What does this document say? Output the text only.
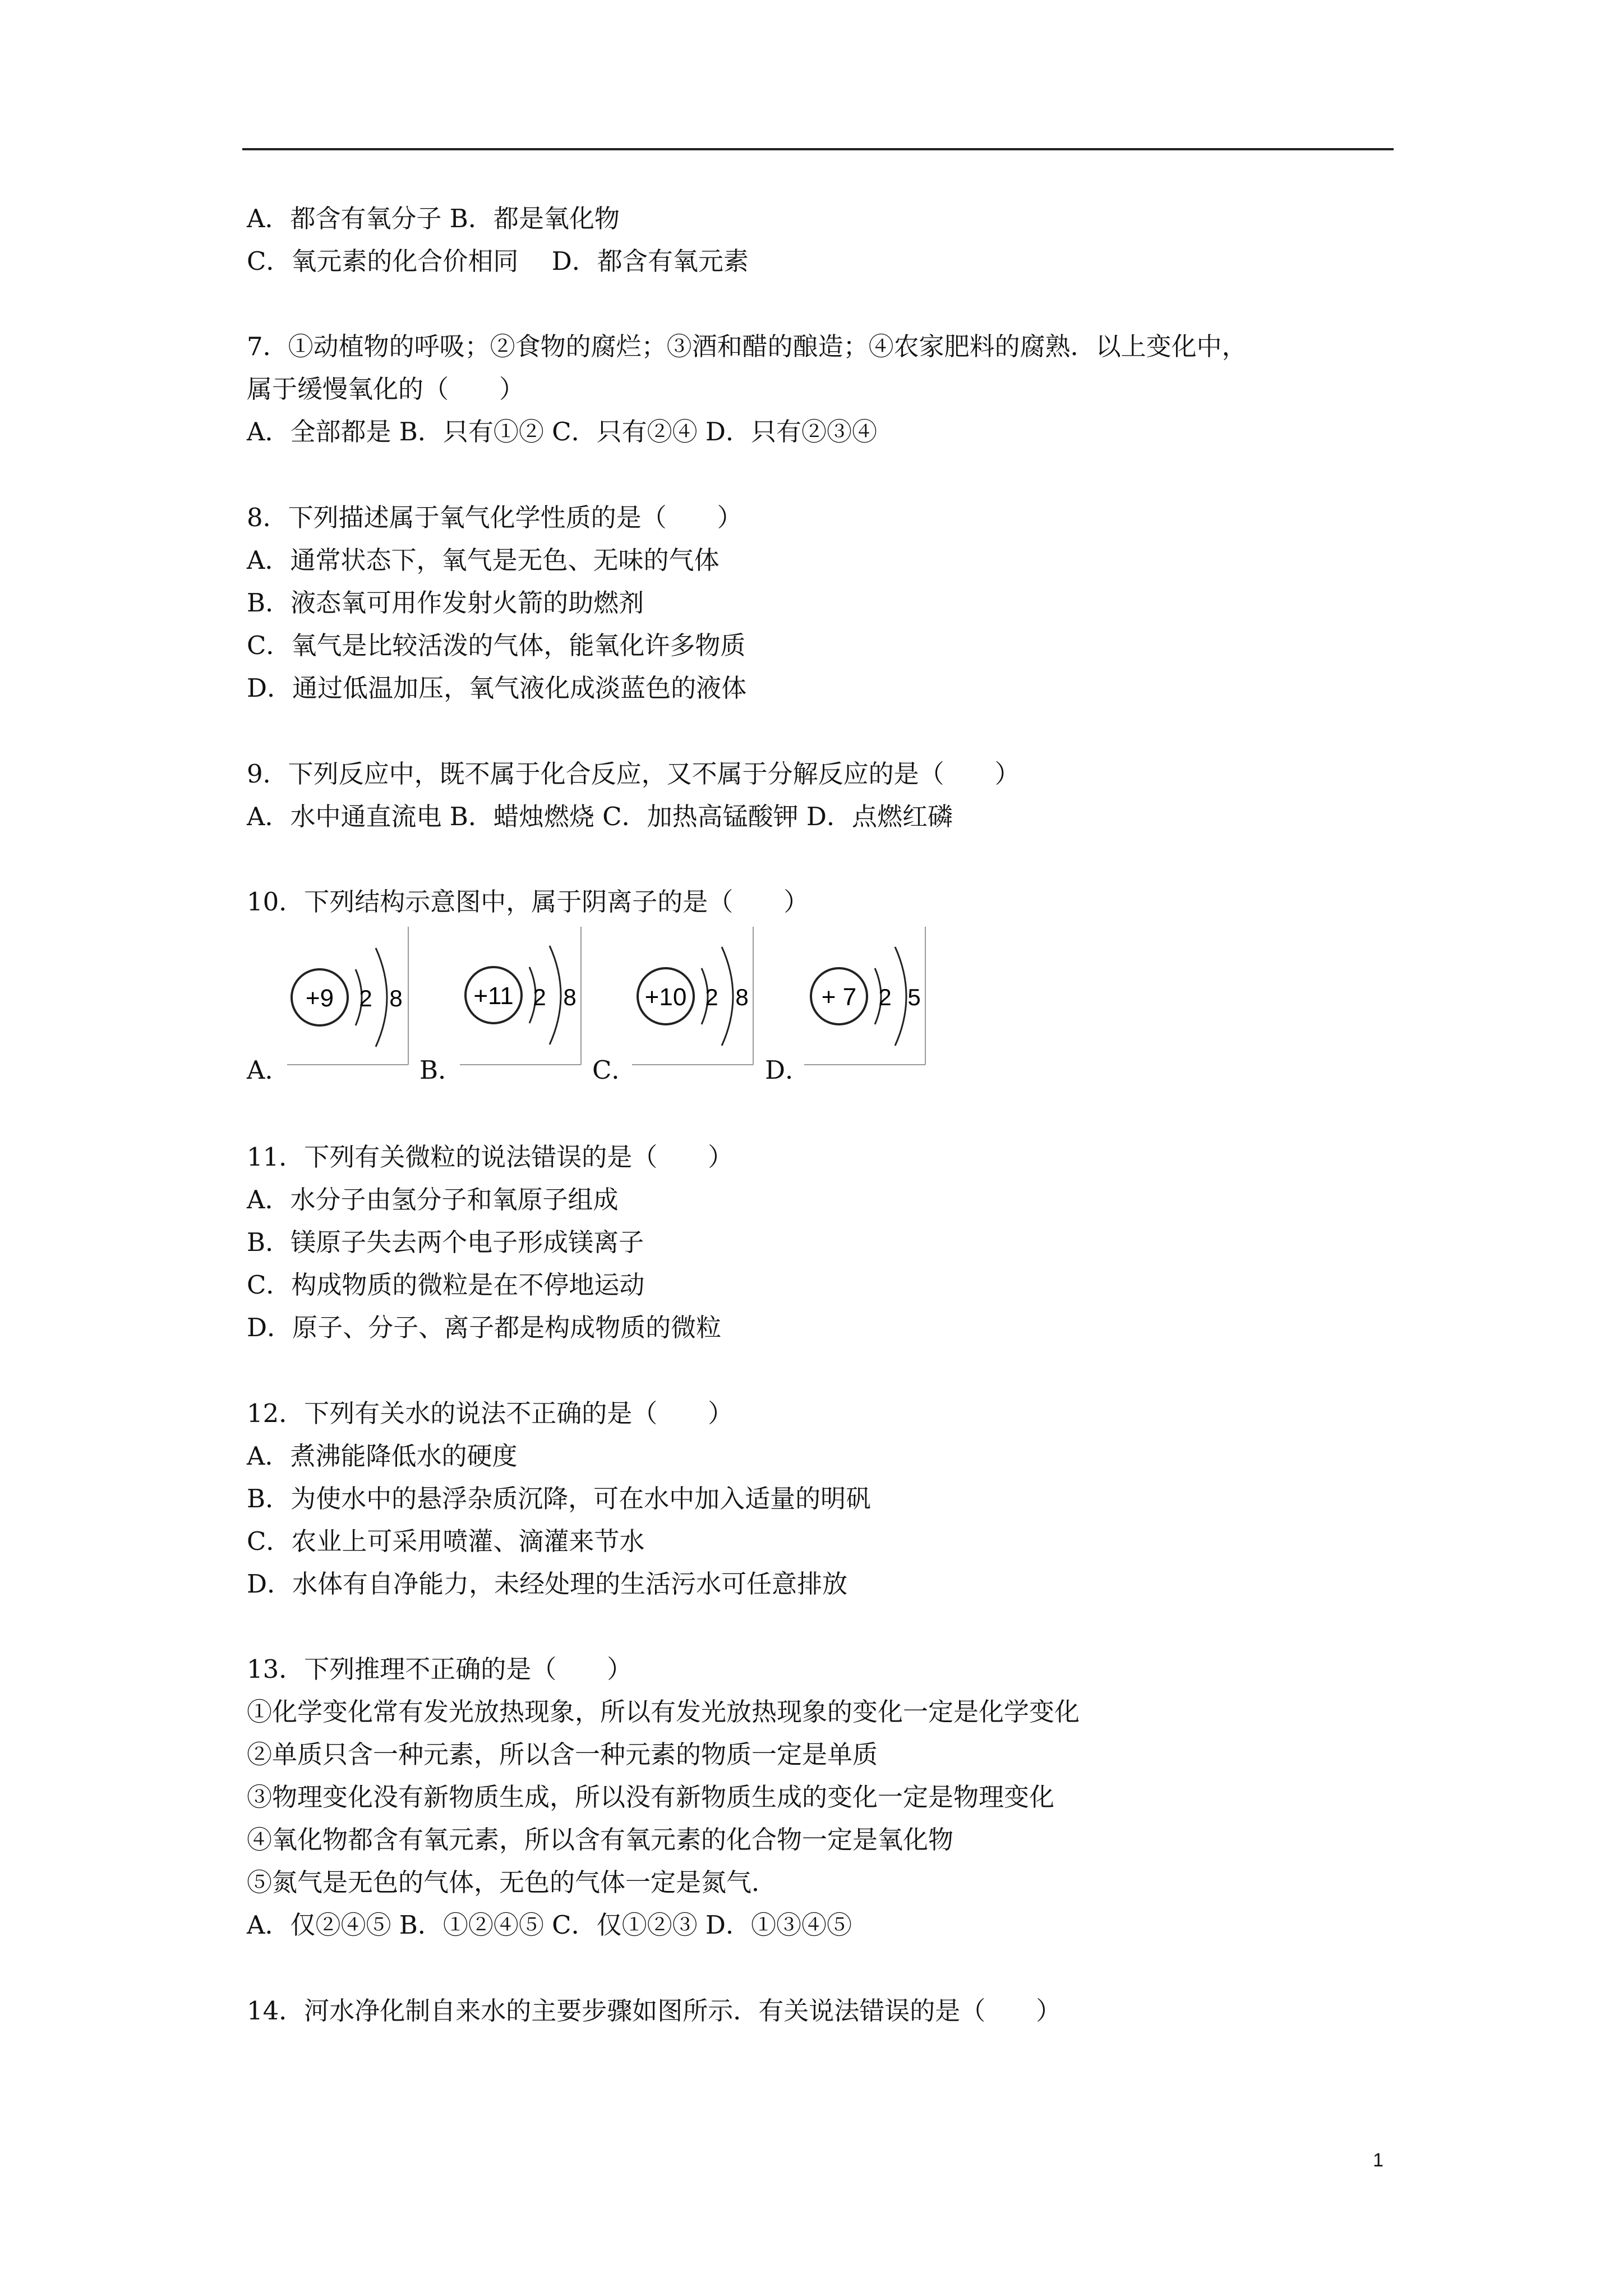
A．都含有氧分子 B．都是氧化物
C．氧元素的化合价相同　 D．都含有氧元素
7．①动植物的呼吸；②食物的腐烂；③酒和醋的酿造；④农家肥料的腐熟．以上变化中，
属于缓慢氧化的（　　）
A．全部都是 B．只有①② C．只有②④ D．只有②③④
8．下列描述属于氧气化学性质的是（　　）
A．通常状态下，氧气是无色、无味的气体
B．液态氧可用作发射火箭的助燃剂
C．氧气是比较活泼的气体，能氧化许多物质
D．通过低温加压，氧气液化成淡蓝色的液体
9．下列反应中，既不属于化合反应，又不属于分解反应的是（　　）
A．水中通直流电 B．蜡烛燃烧 C．加热高锰酸钾 D．点燃红磷
10．下列结构示意图中，属于阴离子的是（　　）
+9 2 8	+11 2 8	+10 2 8	+ 7 2 5
A．	B．	C．	D．
11．下列有关微粒的说法错误的是（　　）
A．水分子由氢分子和氧原子组成
B．镁原子失去两个电子形成镁离子
C．构成物质的微粒是在不停地运动
D．原子、分子、离子都是构成物质的微粒
12．下列有关水的说法不正确的是（　　）
A．煮沸能降低水的硬度
B．为使水中的悬浮杂质沉降，可在水中加入适量的明矾
C．农业上可采用喷灌、滴灌来节水
D．水体有自净能力，未经处理的生活污水可任意排放
13．下列推理不正确的是（　　）
①化学变化常有发光放热现象，所以有发光放热现象的变化一定是化学变化
②单质只含一种元素，所以含一种元素的物质一定是单质
③物理变化没有新物质生成，所以没有新物质生成的变化一定是物理变化
④氧化物都含有氧元素，所以含有氧元素的化合物一定是氧化物
⑤氮气是无色的气体，无色的气体一定是氮气．
A．仅②④⑤ B．①②④⑤ C．仅①②③ D．①③④⑤
14．河水净化制自来水的主要步骤如图所示．有关说法错误的是（　　）
1
